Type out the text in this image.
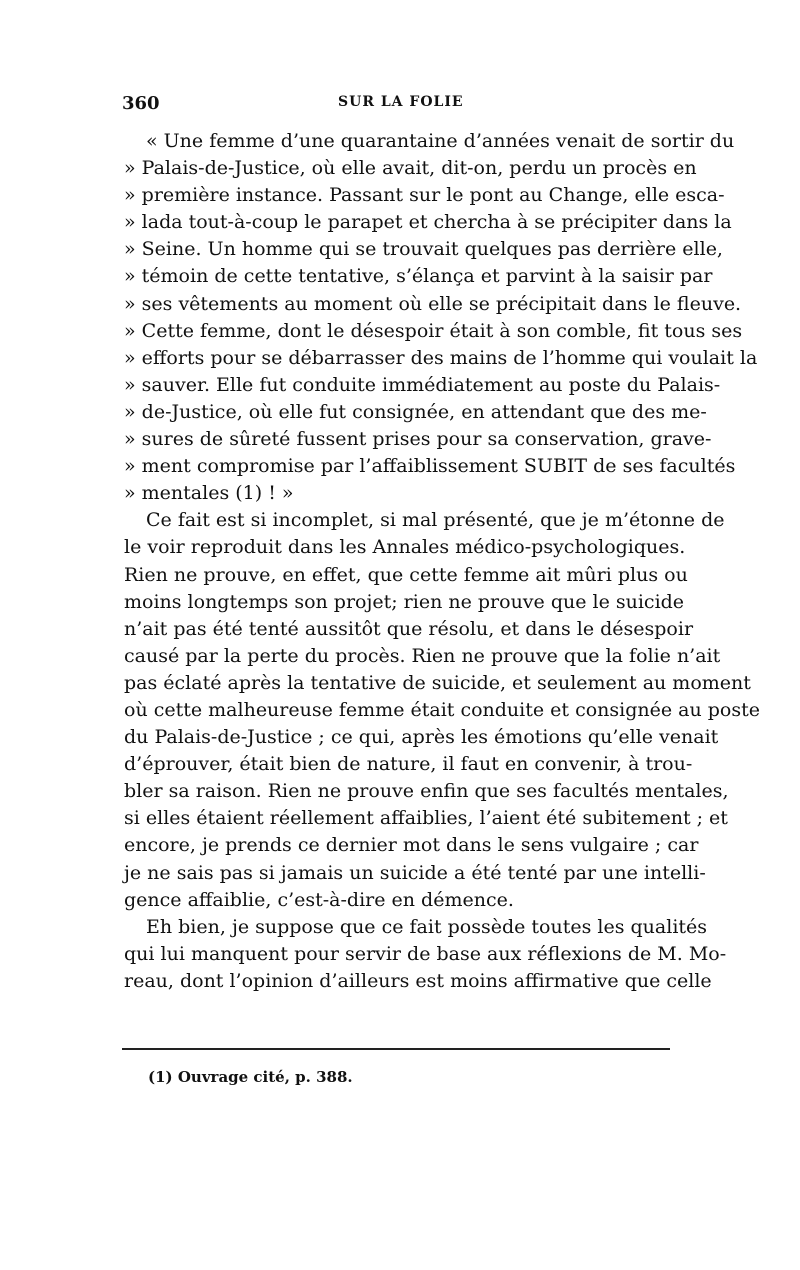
360	SUR LA FOLIE
« Une femme d’une quarantaine d’années venait de sortir du
» Palais-de-Justice, où elle avait, dit-on, perdu un procès en
» première instance. Passant sur le pont au Change, elle esca-
» lada tout-à-coup le parapet et chercha à se précipiter dans la
» Seine. Un homme qui se trouvait quelques pas derrière elle,
» témoin de cette tentative, s’élança et parvint à la saisir par
» ses vêtements au moment où elle se précipitait dans le fleuve.
» Cette femme, dont le désespoir était à son comble, fit tous ses
» efforts pour se débarrasser des mains de l’homme qui voulait la
» sauver. Elle fut conduite immédiatement au poste du Palais-
» de-Justice, où elle fut consignée, en attendant que des me-
» sures de sûreté fussent prises pour sa conservation, grave-
» ment compromise par l’affaiblissement SUBIT de ses facultés
» mentales (1) ! »
Ce fait est si incomplet, si mal présenté, que je m’étonne de
le voir reproduit dans les Annales médico-psychologiques.
Rien ne prouve, en effet, que cette femme ait mûri plus ou
moins longtemps son projet; rien ne prouve que le suicide
n’ait pas été tenté aussitôt que résolu, et dans le désespoir
causé par la perte du procès. Rien ne prouve que la folie n’ait
pas éclaté après la tentative de suicide, et seulement au moment
où cette malheureuse femme était conduite et consignée au poste
du Palais-de-Justice ; ce qui, après les émotions qu’elle venait
d’éprouver, était bien de nature, il faut en convenir, à trou-
bler sa raison. Rien ne prouve enfin que ses facultés mentales,
si elles étaient réellement affaiblies, l’aient été subitement ; et
encore, je prends ce dernier mot dans le sens vulgaire ; car
je ne sais pas si jamais un suicide a été tenté par une intelli-
gence affaiblie, c’est-à-dire en démence.
Eh bien, je suppose que ce fait possède toutes les qualités
qui lui manquent pour servir de base aux réflexions de M. Mo-
reau, dont l’opinion d’ailleurs est moins affirmative que celle
(1) Ouvrage cité, p. 388.
